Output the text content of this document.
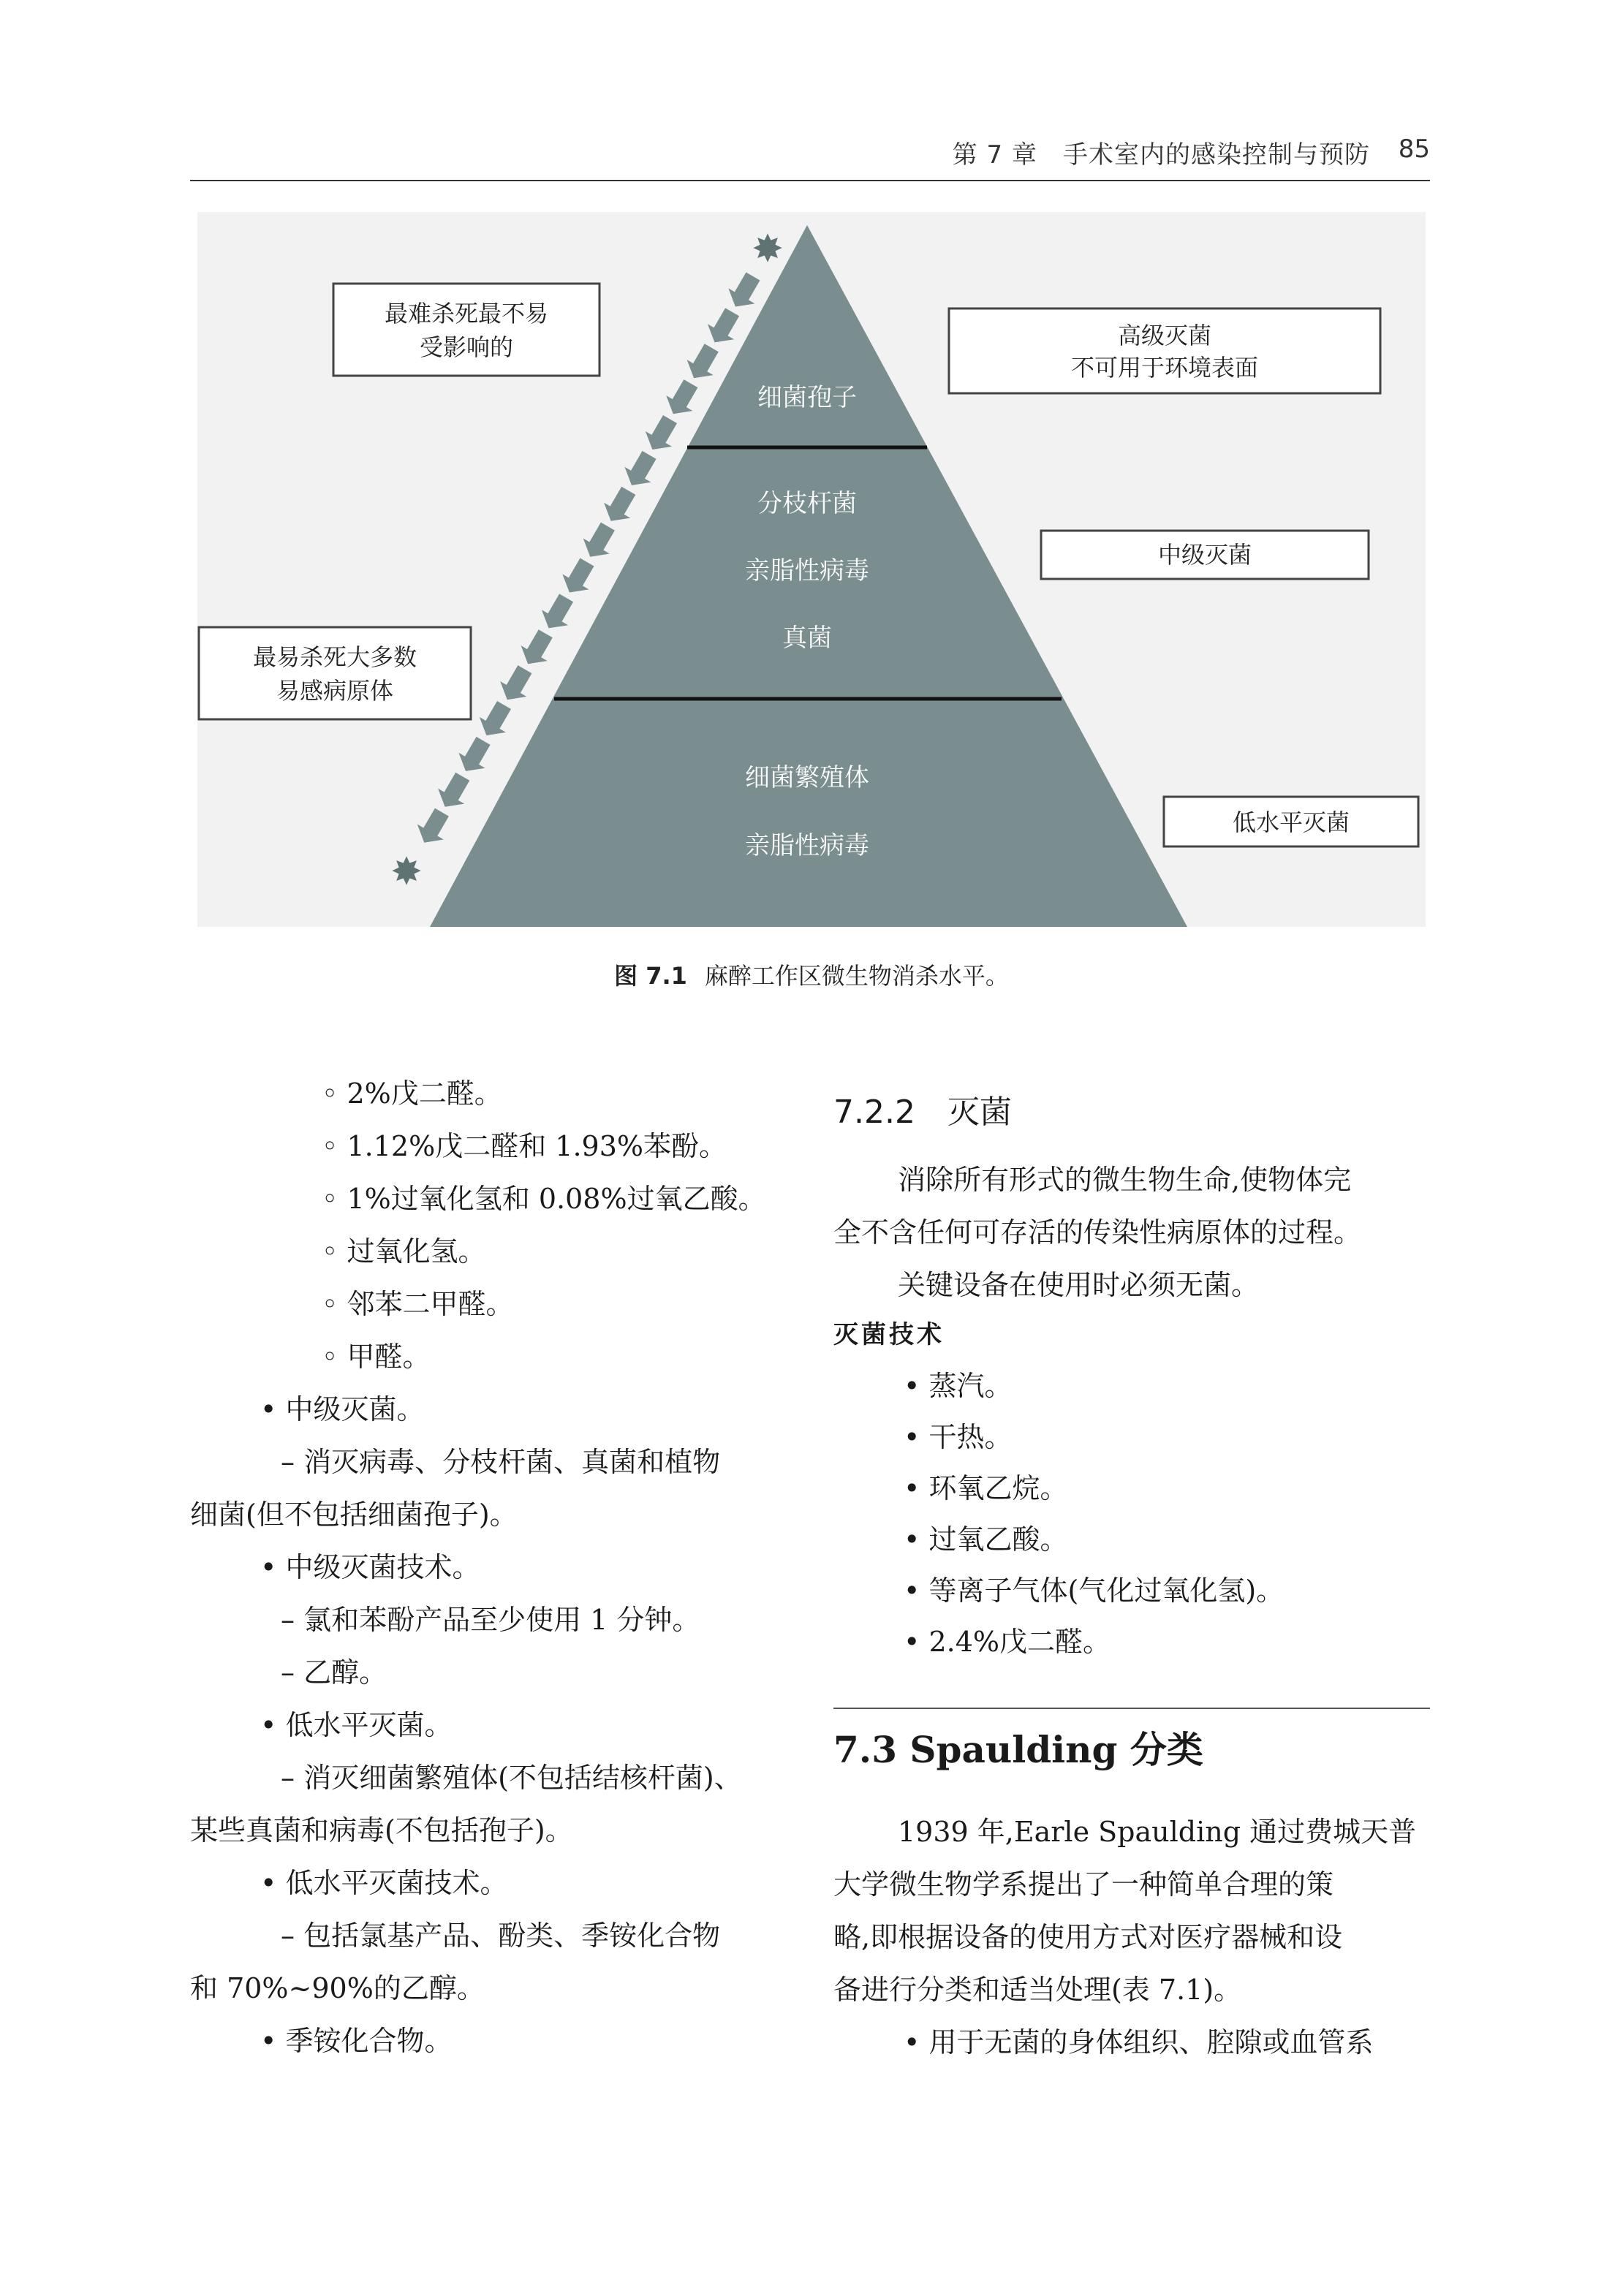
第 7 章　手术室内的感染控制与预防 85
细菌孢子
分枝杆菌
亲脂性病毒
真菌
细菌繁殖体
亲脂性病毒
✸
✸
最难杀死最不易
受影响的
最易杀死大多数
易感病原体
高级灭菌
不可用于环境表面
中级灭菌
低水平灭菌
图 7.1 麻醉工作区微生物消杀水平。
◦ 2%戊二醛。
◦ 1.12%戊二醛和 1.93%苯酚。
◦ 1%过氧化氢和 0.08%过氧乙酸。
◦ 过氧化氢。
◦ 邻苯二甲醛。
◦ 甲醛。
• 中级灭菌。
– 消灭病毒、分枝杆菌、真菌和植物
细菌(但不包括细菌孢子)。
• 中级灭菌技术。
– 氯和苯酚产品至少使用 1 分钟。
– 乙醇。
• 低水平灭菌。
– 消灭细菌繁殖体(不包括结核杆菌)、
某些真菌和病毒(不包括孢子)。
• 低水平灭菌技术。
– 包括氯基产品、酚类、季铵化合物
和 70%~90%的乙醇。
• 季铵化合物。
7.2.2　灭菌
消除所有形式的微生物生命,使物体完
全不含任何可存活的传染性病原体的过程。
关键设备在使用时必须无菌。
灭菌技术
• 蒸汽。
• 干热。
• 环氧乙烷。
• 过氧乙酸。
• 等离子气体(气化过氧化氢)。
• 2.4%戊二醛。
7.3 Spaulding 分类
1939 年,Earle Spaulding 通过费城天普
大学微生物学系提出了一种简单合理的策
略,即根据设备的使用方式对医疗器械和设
备进行分类和适当处理(表 7.1)。
• 用于无菌的身体组织、腔隙或血管系
